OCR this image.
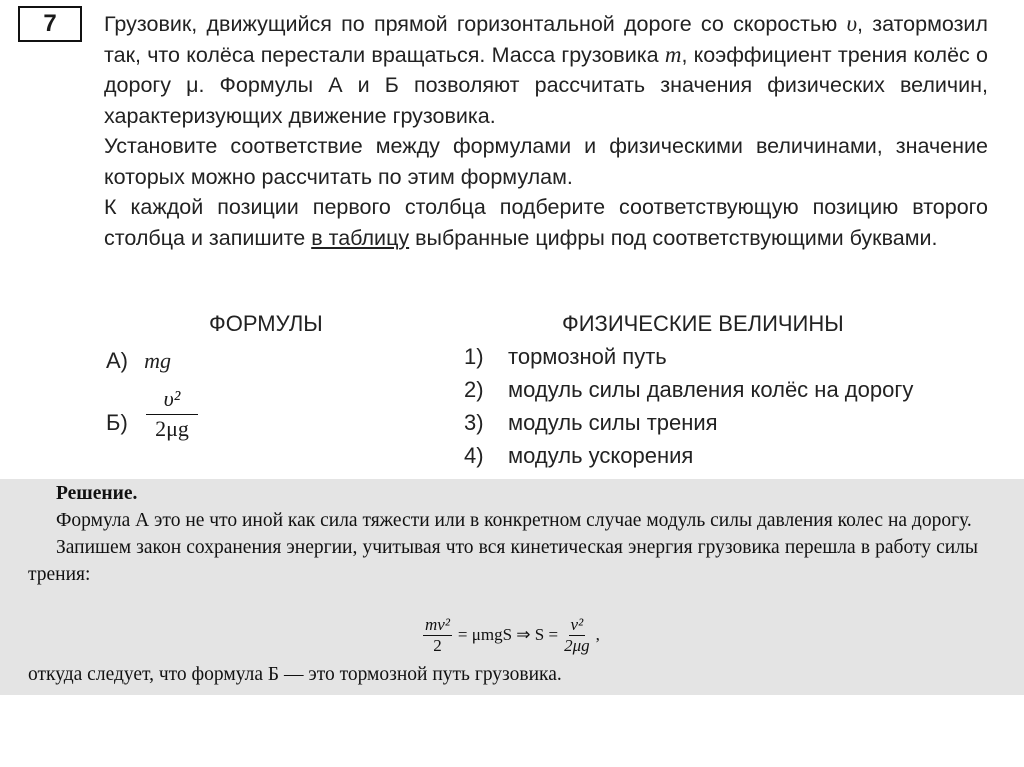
7 Грузовик, движущийся по прямой горизонтальной дороге со скоростью υ, затормозил так, что колёса перестали вращаться. Масса грузовика m, коэффициент трения колёс о дорогу μ. Формулы А и Б позволяют рассчитать значения физических величин, характеризующих движение грузовика.

Установите соответствие между формулами и физическими величинами, значение которых можно рассчитать по этим формулам.

К каждой позиции первого столбца подберите соответствующую позицию второго столбца и запишите в таблицу выбранные цифры под соответствующими буквами.

ФОРМУЛЫ	ФИЗИЧЕСКИЕ ВЕЛИЧИНЫ
А) mg
$Б) \frac{\text{υ²}}{2\mu g}$
1) тормозной путь
2) модуль силы давления колёс на дорогу
3) модуль силы трения
4) модуль ускорения

Решение.

Формула А это не что иной как сила тяжести или в конкретном случае модуль силы давления колес на дорогу.

Запишем закон сохранения энергии, учитывая что вся кинетическая энергия грузовика перешла в работу силы трения:

$\frac{\text{mv²}}{2} = \mu mgS$ ⇒ $S = \frac{\text{v²}}{2\mu g}$ ,
откуда следует, что формула Б — это тормозной путь грузовика.
